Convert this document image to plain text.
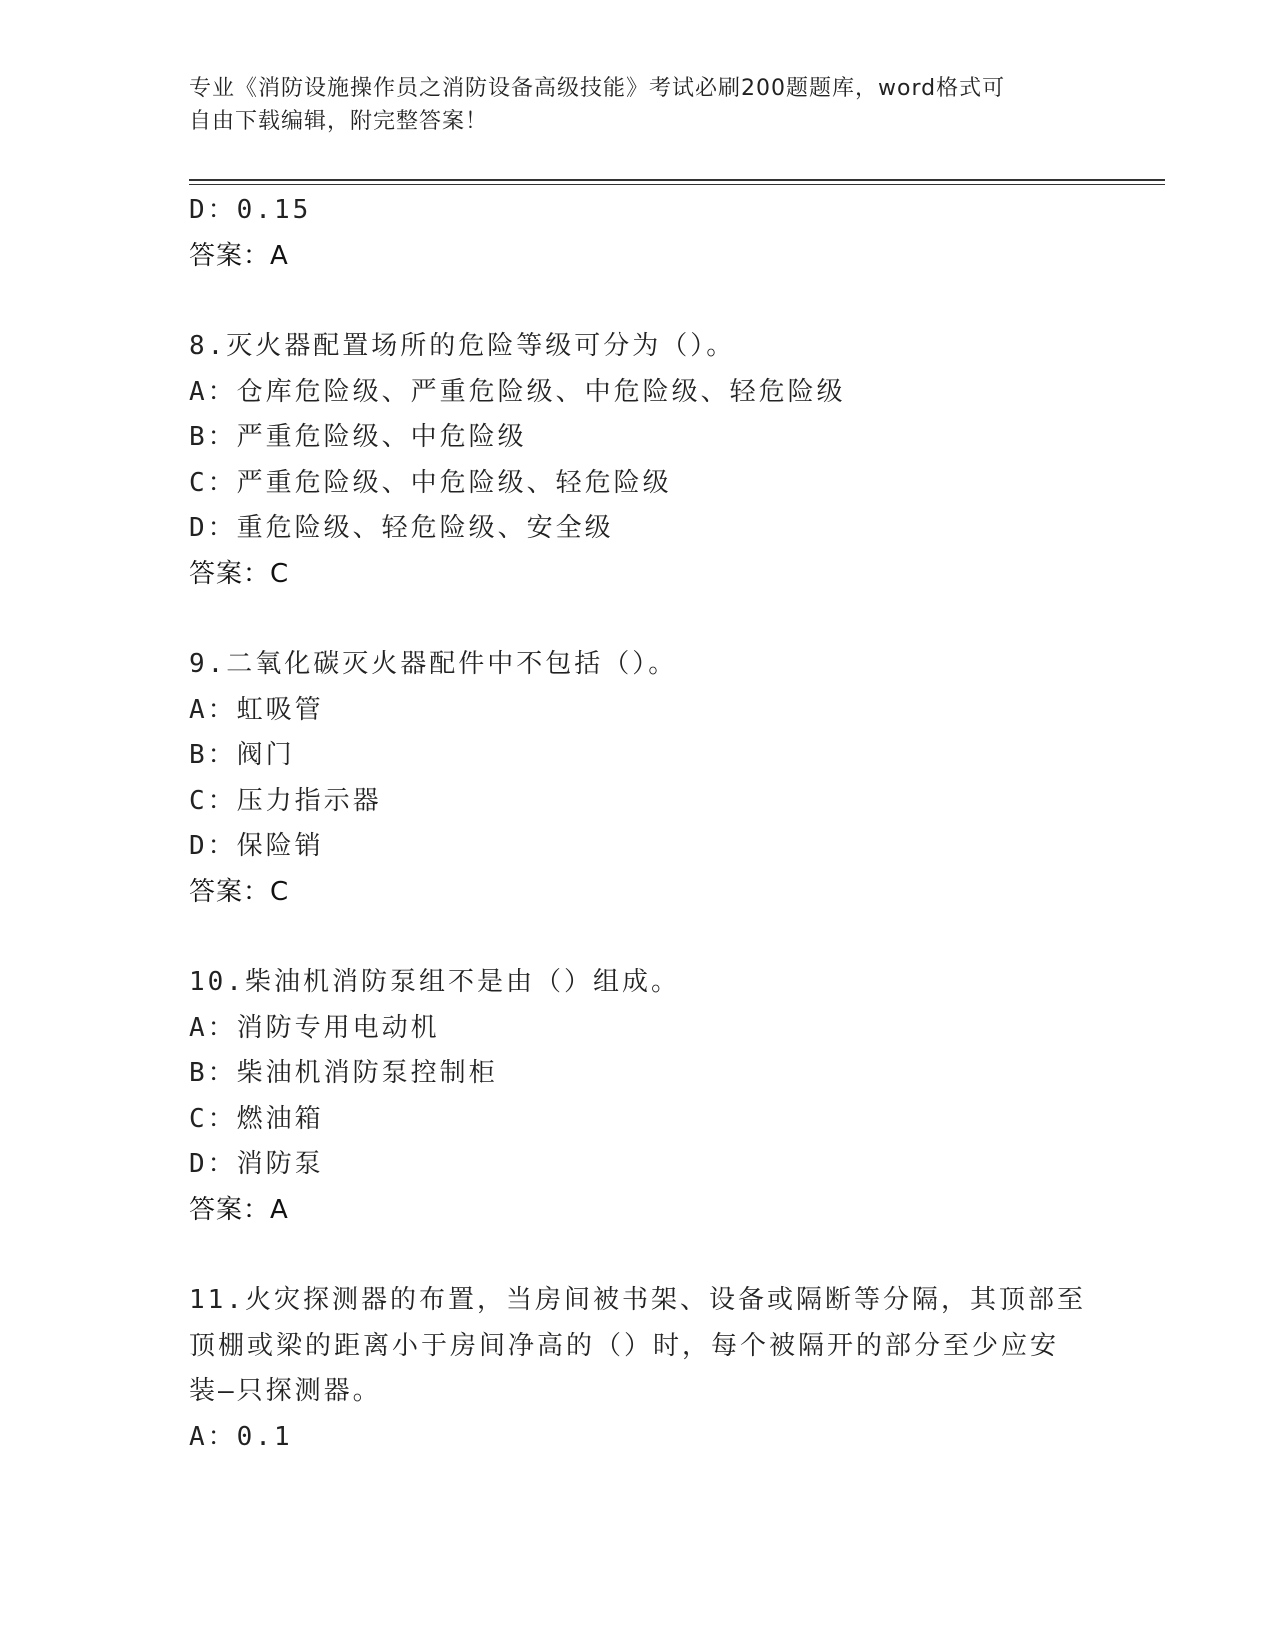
专业《消防设施操作员之消防设备高级技能》考试必刷200题题库，word格式可
自由下载编辑，附完整答案！
D：0.15
答案：A
8.灭火器配置场所的危险等级可分为（）。
A：仓库危险级、严重危险级、中危险级、轻危险级
B：严重危险级、中危险级
C：严重危险级、中危险级、轻危险级
D：重危险级、轻危险级、安全级
答案：C
9.二氧化碳灭火器配件中不包括（）。
A：虹吸管
B：阀门
C：压力指示器
D：保险销
答案：C
10.柴油机消防泵组不是由（）组成。
A：消防专用电动机
B：柴油机消防泵控制柜
C：燃油箱
D：消防泵
答案：A
11.火灾探测器的布置，当房间被书架、设备或隔断等分隔，其顶部至
顶棚或梁的距离小于房间净高的（）时，每个被隔开的部分至少应安
装—只探测器。
A：0.1
